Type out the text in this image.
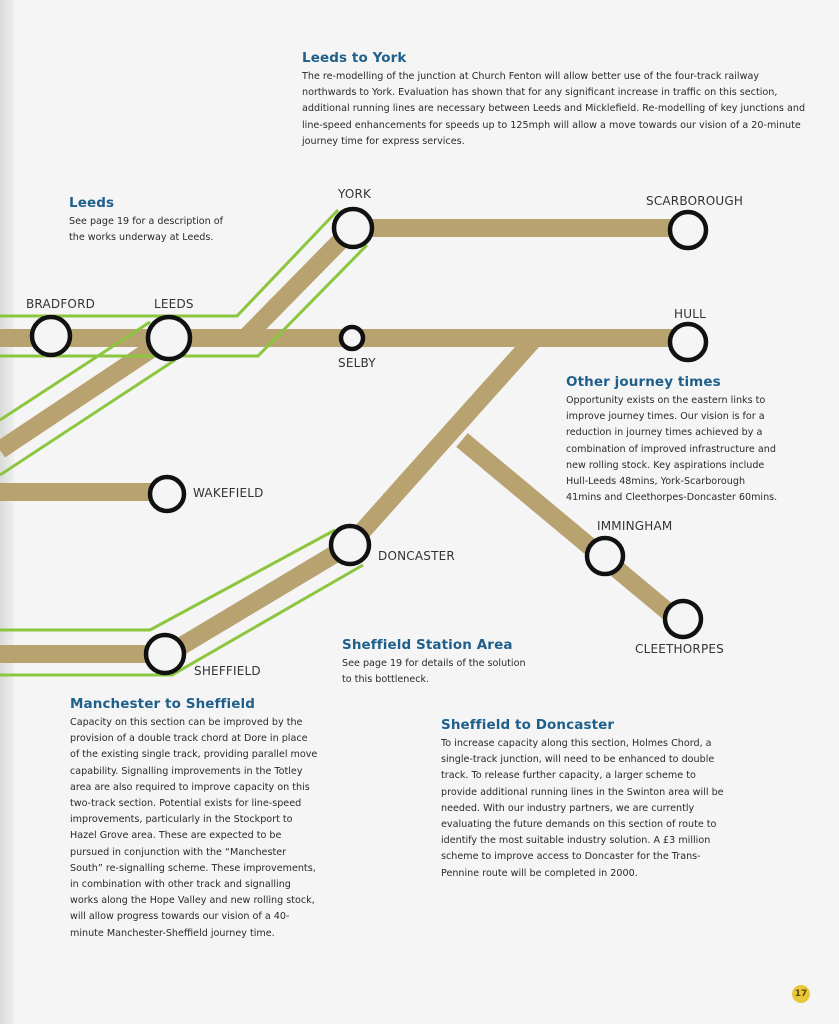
YORK	SCARBOROUGH
BRADFORD	LEEDS
SELBY
HULL
WAKEFIELD
DONCASTER
IMMINGHAM
SHEFFIELD
CLEETHORPES
Leeds to York

The re-modelling of the junction at Church Fenton will allow better use of the four-track railway
northwards to York. Evaluation has shown that for any significant increase in traffic on this section,
additional running lines are necessary between Leeds and Micklefield. Re-modelling of key junctions and
line-speed enhancements for speeds up to 125mph will allow a move towards our vision of a 20-minute
journey time for express services.

Leeds

See page 19 for a description of
the works underway at Leeds.

Other journey times

Opportunity exists on the eastern links to
improve journey times. Our vision is for a
reduction in journey times achieved by a
combination of improved infrastructure and
new rolling stock. Key aspirations include
Hull-Leeds 48mins, York-Scarborough
41mins and Cleethorpes-Doncaster 60mins.

Sheffield Station Area

See page 19 for details of the solution
to this bottleneck.

Manchester to Sheffield

Capacity on this section can be improved by the
provision of a double track chord at Dore in place
of the existing single track, providing parallel move
capability. Signalling improvements in the Totley
area are also required to improve capacity on this
two-track section. Potential exists for line-speed
improvements, particularly in the Stockport to
Hazel Grove area. These are expected to be
pursued in conjunction with the “Manchester
South” re-signalling scheme. These improvements,
in combination with other track and signalling
works along the Hope Valley and new rolling stock,
will allow progress towards our vision of a 40-
minute Manchester-Sheffield journey time.

Sheffield to Doncaster

To increase capacity along this section, Holmes Chord, a
single-track junction, will need to be enhanced to double
track. To release further capacity, a larger scheme to
provide additional running lines in the Swinton area will be
needed. With our industry partners, we are currently
evaluating the future demands on this section of route to
identify the most suitable industry solution. A £3 million
scheme to improve access to Doncaster for the Trans-
Pennine route will be completed in 2000.

17
